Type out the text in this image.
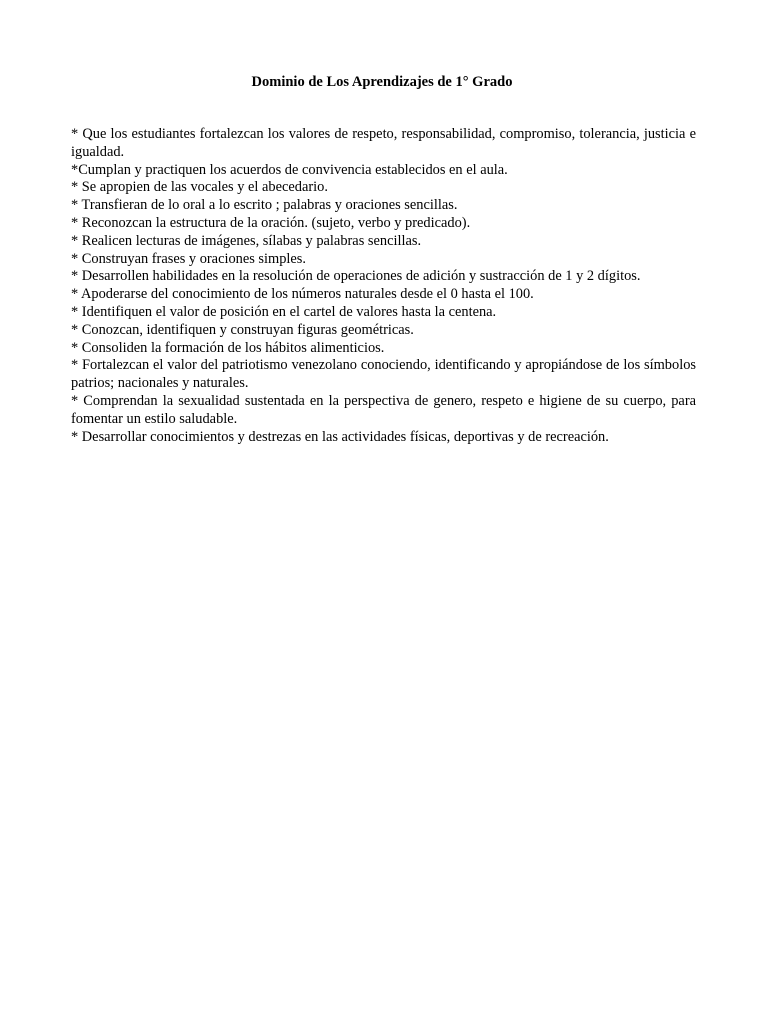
Dominio de Los Aprendizajes de 1° Grado

* Que los estudiantes fortalezcan los valores de respeto, responsabilidad, compromiso, tolerancia, justicia e igualdad.

*Cumplan y practiquen los acuerdos de convivencia establecidos en el aula.

* Se apropien de las vocales y el abecedario.

* Transfieran de lo oral a lo escrito ; palabras y oraciones sencillas.

* Reconozcan la estructura de la oración. (sujeto, verbo y predicado).

* Realicen lecturas de imágenes, sílabas y palabras sencillas.

* Construyan frases y oraciones simples.

* Desarrollen habilidades en la resolución de operaciones de adición y sustracción de 1 y 2 dígitos.

* Apoderarse del conocimiento de los números naturales desde el 0 hasta el 100.

* Identifiquen el valor de posición en el cartel de valores hasta la centena.

* Conozcan, identifiquen y construyan figuras geométricas.

* Consoliden la formación de los hábitos alimenticios.

* Fortalezcan el valor del patriotismo venezolano conociendo, identificando y apropiándose de los símbolos  patrios; nacionales y naturales.

* Comprendan la sexualidad sustentada en la perspectiva de genero, respeto e higiene de su cuerpo, para fomentar un estilo saludable.

* Desarrollar conocimientos y destrezas en las actividades físicas, deportivas y de recreación.
